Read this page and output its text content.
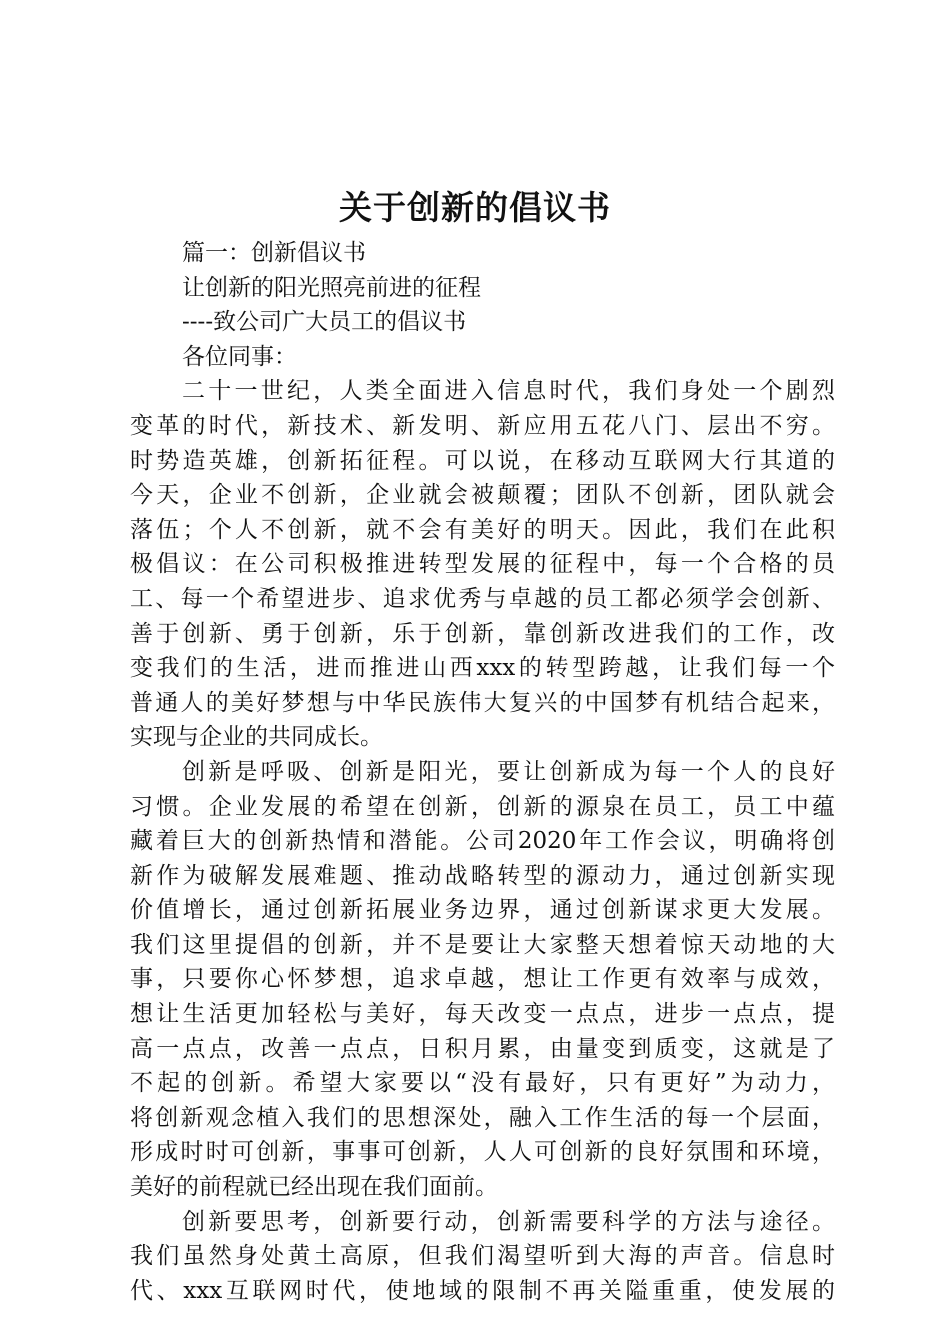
关于创新的倡议书
篇一：创新倡议书
让创新的阳光照亮前进的征程
----致公司广大员工的倡议书
各位同事：
二十一世纪，人类全面进入信息时代，我们身处一个剧烈
变革的时代，新技术、新发明、新应用五花八门、层出不穷。
时势造英雄，创新拓征程。可以说，在移动互联网大行其道的
今天，企业不创新，企业就会被颠覆；团队不创新，团队就会
落伍；个人不创新，就不会有美好的明天。因此，我们在此积
极倡议：在公司积极推进转型发展的征程中，每一个合格的员
工、每一个希望进步、追求优秀与卓越的员工都必须学会创新、
善于创新、勇于创新，乐于创新，靠创新改进我们的工作，改
变我们的生活，进而推进山西xxx的转型跨越，让我们每一个
普通人的美好梦想与中华民族伟大复兴的中国梦有机结合起来，
实现与企业的共同成长。
创新是呼吸、创新是阳光，要让创新成为每一个人的良好
习惯。企业发展的希望在创新，创新的源泉在员工，员工中蕴
藏着巨大的创新热情和潜能。公司2020年工作会议，明确将创
新作为破解发展难题、推动战略转型的源动力，通过创新实现
价值增长，通过创新拓展业务边界，通过创新谋求更大发展。
我们这里提倡的创新，并不是要让大家整天想着惊天动地的大
事，只要你心怀梦想，追求卓越，想让工作更有效率与成效，
想让生活更加轻松与美好，每天改变一点点，进步一点点，提
高一点点，改善一点点，日积月累，由量变到质变，这就是了
不起的创新。希望大家要以“没有最好，只有更好”为动力，
将创新观念植入我们的思想深处，融入工作生活的每一个层面，
形成时时可创新，事事可创新，人人可创新的良好氛围和环境，
美好的前程就已经出现在我们面前。
创新要思考，创新要行动，创新需要科学的方法与途径。
我们虽然身处黄土高原，但我们渴望听到大海的声音。信息时
代、xxx互联网时代，使地域的限制不再关隘重重，使发展的
